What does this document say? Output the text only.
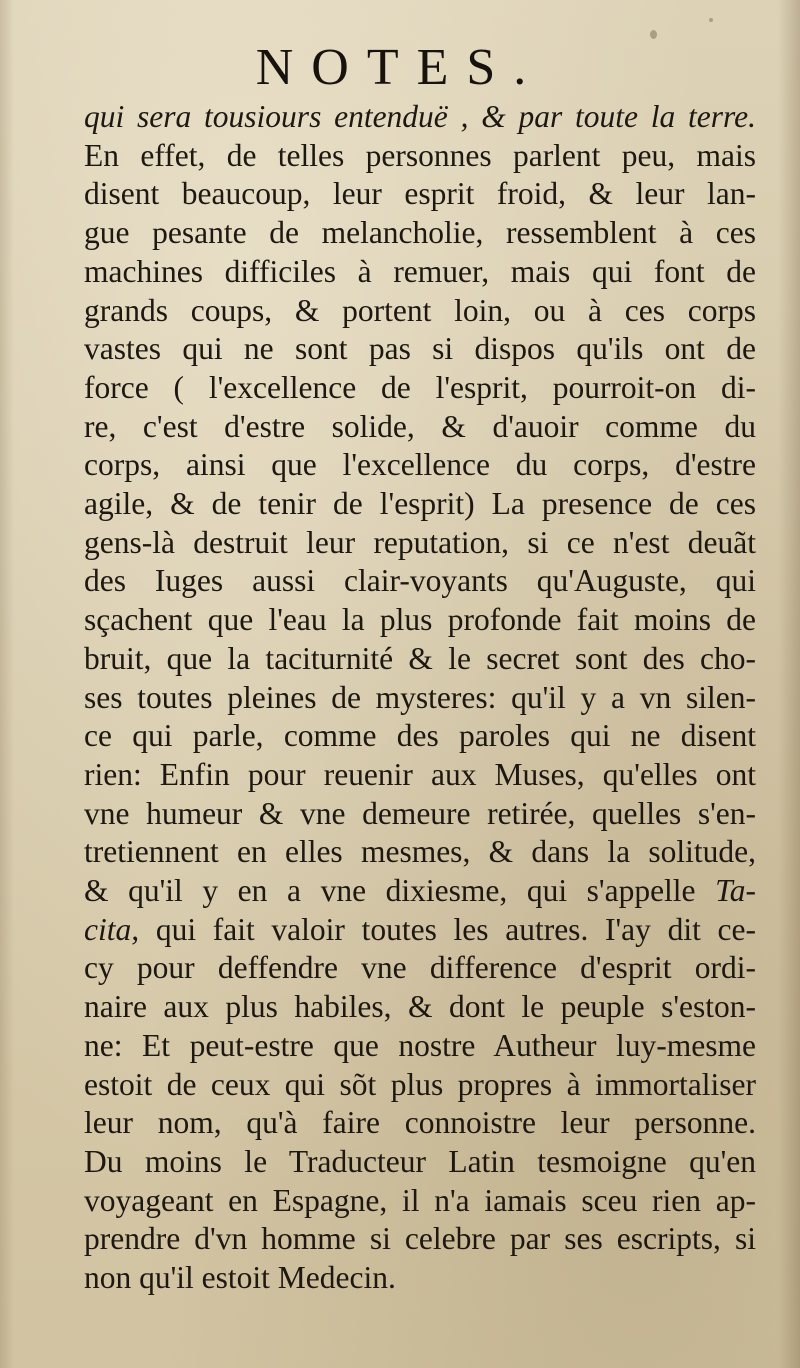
NOTES.
qui sera tousiours entenduë , & par toute la terre.
En effet, de telles personnes parlent peu, mais
disent beaucoup, leur esprit froid, & leur lan-
gue pesante de melancholie, ressemblent à ces
machines difficiles à remuer, mais qui font de
grands coups, & portent loin, ou à ces corps
vastes qui ne sont pas si dispos qu'ils ont de
force ( l'excellence de l'esprit, pourroit-on di-
re, c'est d'estre solide, & d'auoir comme du
corps, ainsi que l'excellence du corps, d'estre
agile, & de tenir de l'esprit) La presence de ces
gens-là destruit leur reputation, si ce n'est deuãt
des Iuges aussi clair-voyants qu'Auguste, qui
sçachent que l'eau la plus profonde fait moins de
bruit, que la taciturnité & le secret sont des cho-
ses toutes pleines de mysteres: qu'il y a vn silen-
ce qui parle, comme des paroles qui ne disent
rien: Enfin pour reuenir aux Muses, qu'elles ont
vne humeur & vne demeure retirée, quelles s'en-
tretiennent en elles mesmes, & dans la solitude,
& qu'il y en a vne dixiesme, qui s'appelle Ta-
cita, qui fait valoir toutes les autres. I'ay dit ce-
cy pour deffendre vne difference d'esprit ordi-
naire aux plus habiles, & dont le peuple s'eston-
ne: Et peut-estre que nostre Autheur luy-mesme
estoit de ceux qui sõt plus propres à immortaliser
leur nom, qu'à faire connoistre leur personne.
Du moins le Traducteur Latin tesmoigne qu'en
voyageant en Espagne, il n'a iamais sceu rien ap-
prendre d'vn homme si celebre par ses escripts, si
non qu'il estoit Medecin.
